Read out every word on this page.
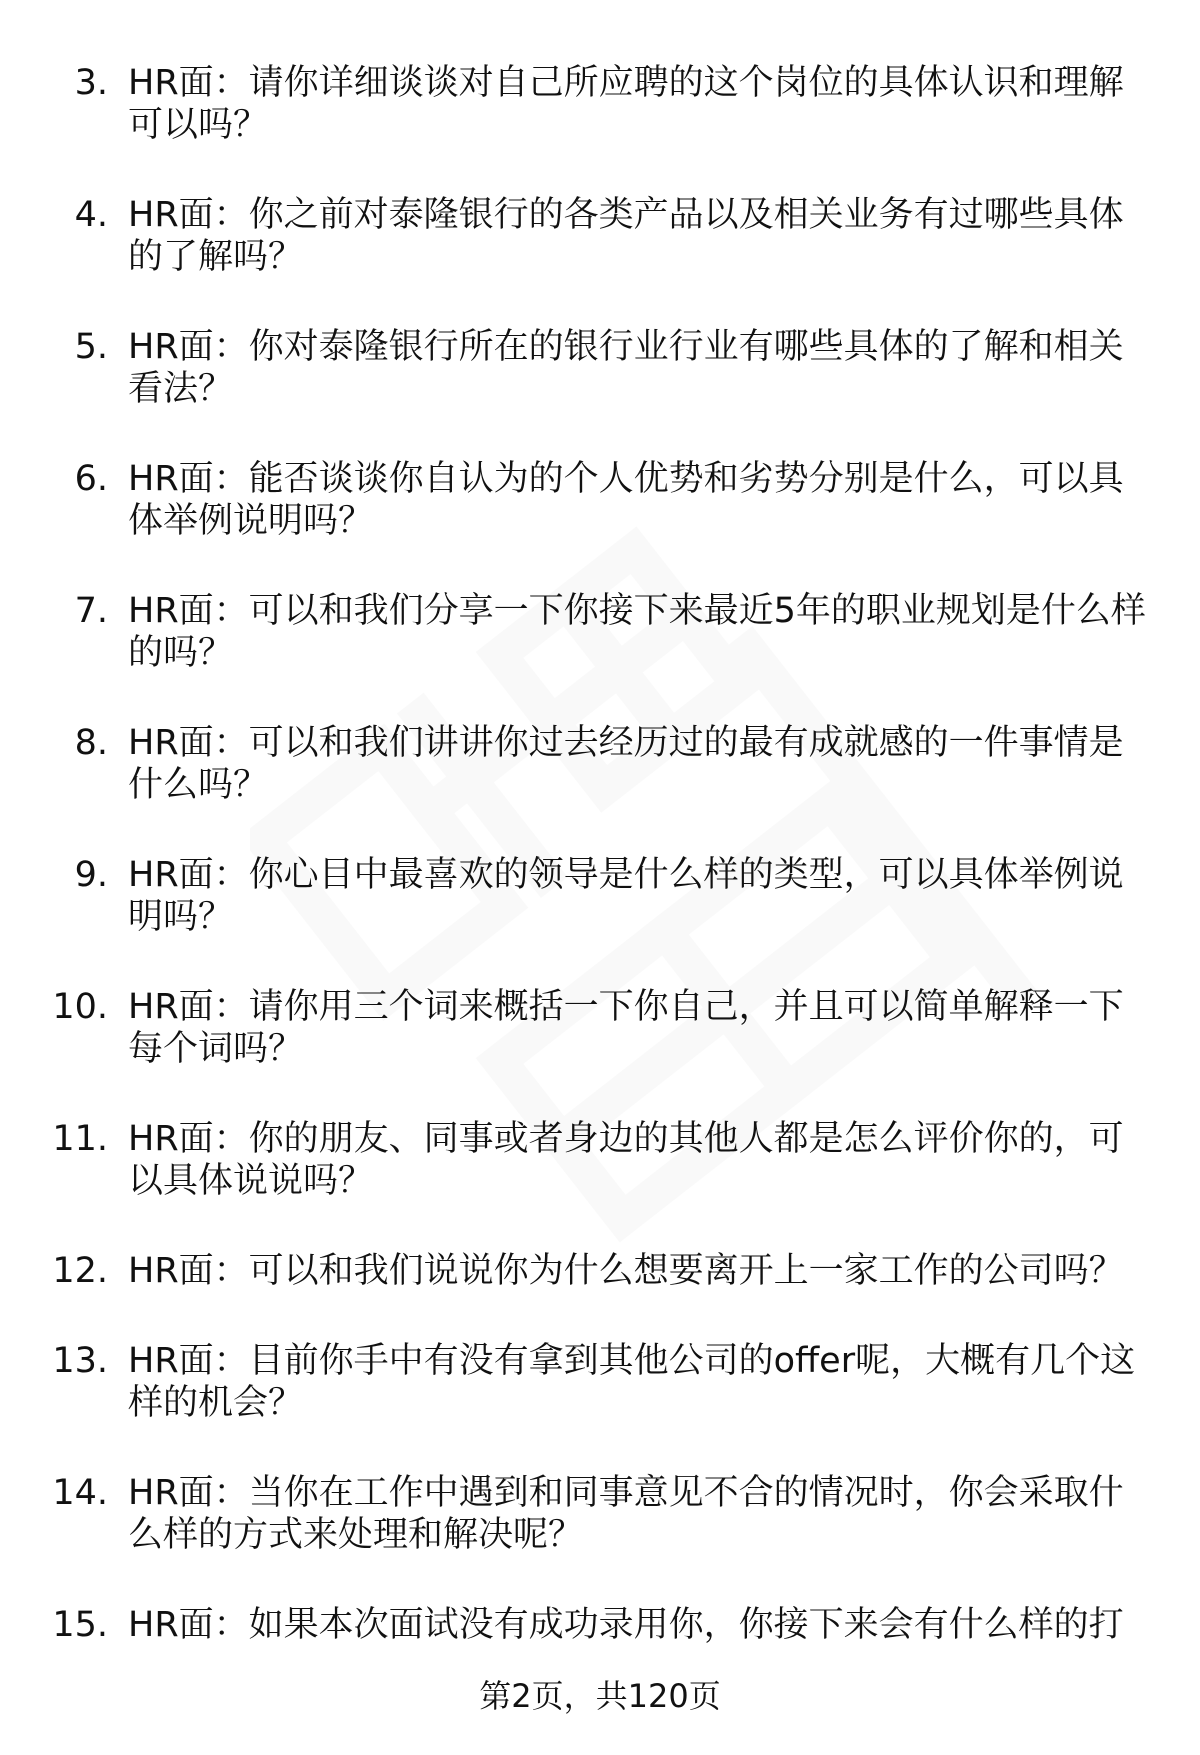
3. HR面：请你详细谈谈对自己所应聘的这个岗位的具体认识和理解可以吗？
4. HR面：你之前对泰隆银行的各类产品以及相关业务有过哪些具体的了解吗？
5. HR面：你对泰隆银行所在的银行业行业有哪些具体的了解和相关看法？
6. HR面：能否谈谈你自认为的个人优势和劣势分别是什么，可以具体举例说明吗？
7. HR面：可以和我们分享一下你接下来最近5年的职业规划是什么样的吗？
8. HR面：可以和我们讲讲你过去经历过的最有成就感的一件事情是什么吗？
9. HR面：你心目中最喜欢的领导是什么样的类型，可以具体举例说明吗？
10. HR面：请你用三个词来概括一下你自己，并且可以简单解释一下每个词吗？
11. HR面：你的朋友、同事或者身边的其他人都是怎么评价你的，可以具体说说吗？
12. HR面：可以和我们说说你为什么想要离开上一家工作的公司吗？
13. HR面：目前你手中有没有拿到其他公司的offer呢，大概有几个这样的机会？
14. HR面：当你在工作中遇到和同事意见不合的情况时，你会采取什么样的方式来处理和解决呢？
15. HR面：如果本次面试没有成功录用你，你接下来会有什么样的打
第2页，共120页
